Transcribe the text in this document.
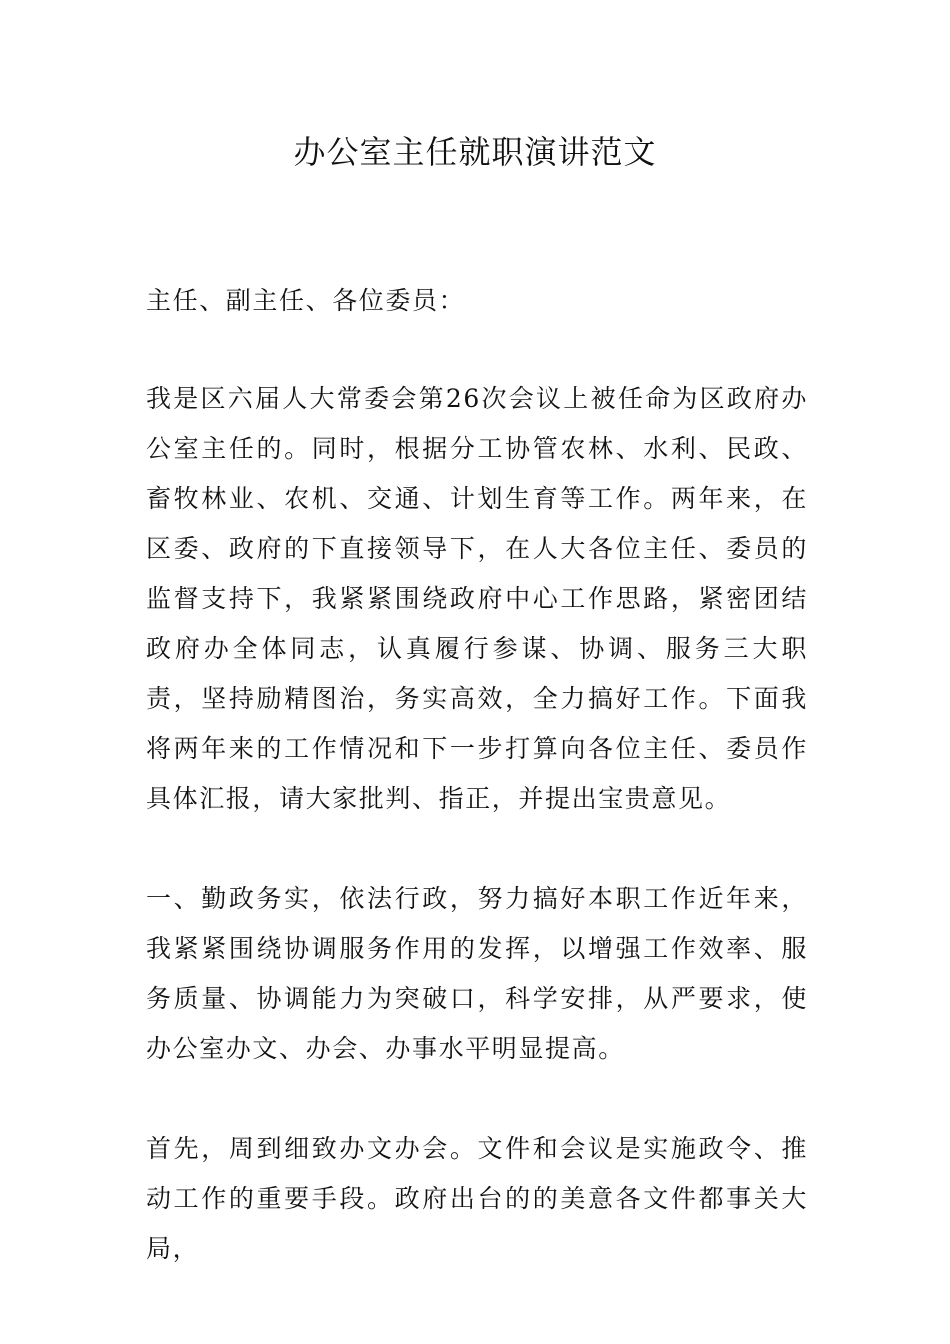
办公室主任就职演讲范文

主任、副主任、各位委员：

我是区六届人大常委会第26次会议上被任命为区政府办公室主任的。同时，根据分工协管农林、水利、民政、畜牧林业、农机、交通、计划生育等工作。两年来，在区委、政府的下直接领导下，在人大各位主任、委员的监督支持下，我紧紧围绕政府中心工作思路，紧密团结政府办全体同志，认真履行参谋、协调、服务三大职责，坚持励精图治，务实高效，全力搞好工作。下面我将两年来的工作情况和下一步打算向各位主任、委员作具体汇报，请大家批判、指正，并提出宝贵意见。

一、勤政务实，依法行政，努力搞好本职工作近年来，我紧紧围绕协调服务作用的发挥，以增强工作效率、服务质量、协调能力为突破口，科学安排，从严要求，使办公室办文、办会、办事水平明显提高。

首先，周到细致办文办会。文件和会议是实施政令、推动工作的重要手段。政府出台的的美意各文件都事关大局，
